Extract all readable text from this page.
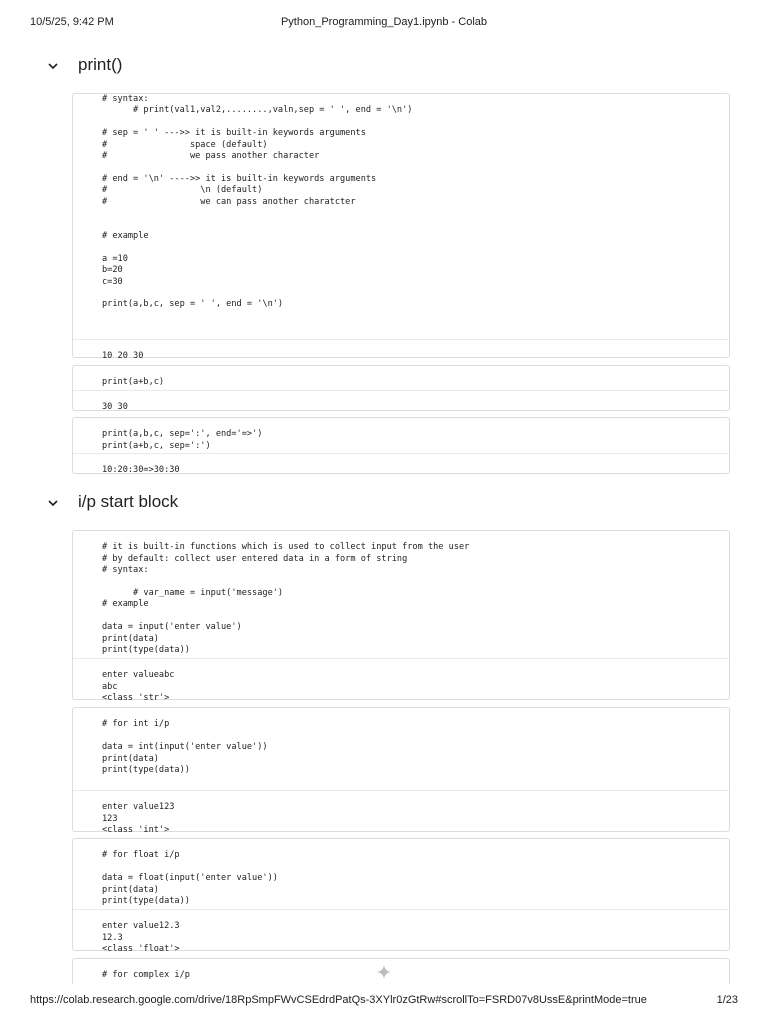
10/5/25, 9:42 PM	Python_Programming_Day1.ipynb - Colab
print()
# syntax:
# print(val1,val2,........,valn,sep = ' ', end = '\n')

# sep = ' ' --->> it is built-in keywords arguments
#                space (default)
#                we pass another character

# end = '\n' ---->> it is built-in keywords arguments
#                  \n (default)
#                  we can pass another charatcter

# example

a =10
b=20
c=30

print(a,b,c, sep = ' ', end = '\n')

10 20 30

print(a+b,c)

30 30

print(a,b,c, sep=':', end='=>')
print(a+b,c, sep=':')

10:20:30=>30:30

i/p start block

# it is built-in functions which is used to collect input from the user
# by default: collect user entered data in a form of string
# syntax:

# var_name = input('message')
# example

data = input('enter value')
print(data)
print(type(data))

enter valueabc
abc
<class 'str'>

# for int i/p

data = int(input('enter value'))
print(data)
print(type(data))

enter value123
123
<class 'int'>

# for float i/p

data = float(input('enter value'))
print(data)
print(type(data))

enter value12.3
12.3
<class 'float'>

# for complex i/p

https://colab.research.google.com/drive/18RpSmpFWvCSEdrdPatQs-3XYlr0zGtRw#scrollTo=FSRD07v8UssE&printMode=true	1/23
